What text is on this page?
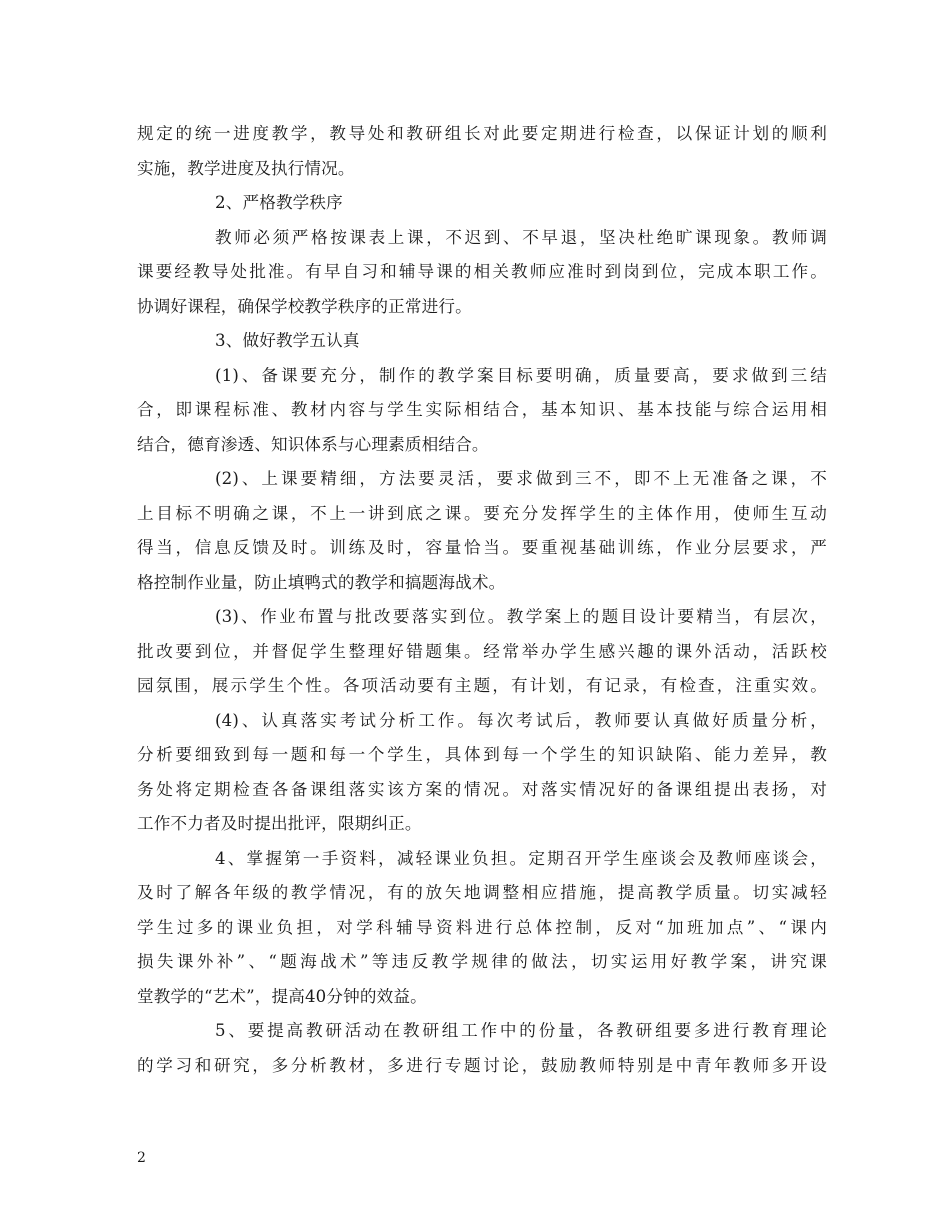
规定的统一进度教学，教导处和教研组长对此要定期进行检查，以保证计划的顺利
实施，教学进度及执行情况。
2、严格教学秩序
教师必须严格按课表上课，不迟到、不早退，坚决杜绝旷课现象。教师调
课要经教导处批准。有早自习和辅导课的相关教师应准时到岗到位，完成本职工作。
协调好课程，确保学校教学秩序的正常进行。
3、做好教学五认真
(1)、备课要充分，制作的教学案目标要明确，质量要高，要求做到三结
合，即课程标准、教材内容与学生实际相结合，基本知识、基本技能与综合运用相
结合，德育渗透、知识体系与心理素质相结合。
(2)、上课要精细，方法要灵活，要求做到三不，即不上无准备之课，不
上目标不明确之课，不上一讲到底之课。要充分发挥学生的主体作用，使师生互动
得当，信息反馈及时。训练及时，容量恰当。要重视基础训练，作业分层要求，严
格控制作业量，防止填鸭式的教学和搞题海战术。
(3)、作业布置与批改要落实到位。教学案上的题目设计要精当，有层次，
批改要到位，并督促学生整理好错题集。经常举办学生感兴趣的课外活动，活跃校
园氛围，展示学生个性。各项活动要有主题，有计划，有记录，有检查，注重实效。
(4)、认真落实考试分析工作。每次考试后，教师要认真做好质量分析，
分析要细致到每一题和每一个学生，具体到每一个学生的知识缺陷、能力差异，教
务处将定期检查各备课组落实该方案的情况。对落实情况好的备课组提出表扬，对
工作不力者及时提出批评，限期纠正。
4、掌握第一手资料，减轻课业负担。定期召开学生座谈会及教师座谈会，
及时了解各年级的教学情况，有的放矢地调整相应措施，提高教学质量。切实减轻
学生过多的课业负担，对学科辅导资料进行总体控制，反对“加班加点”、“课内
损失课外补”、“题海战术”等违反教学规律的做法，切实运用好教学案，讲究课
堂教学的“艺术”，提高40分钟的效益。
5、要提高教研活动在教研组工作中的份量，各教研组要多进行教育理论
的学习和研究，多分析教材，多进行专题讨论，鼓励教师特别是中青年教师多开设
2
